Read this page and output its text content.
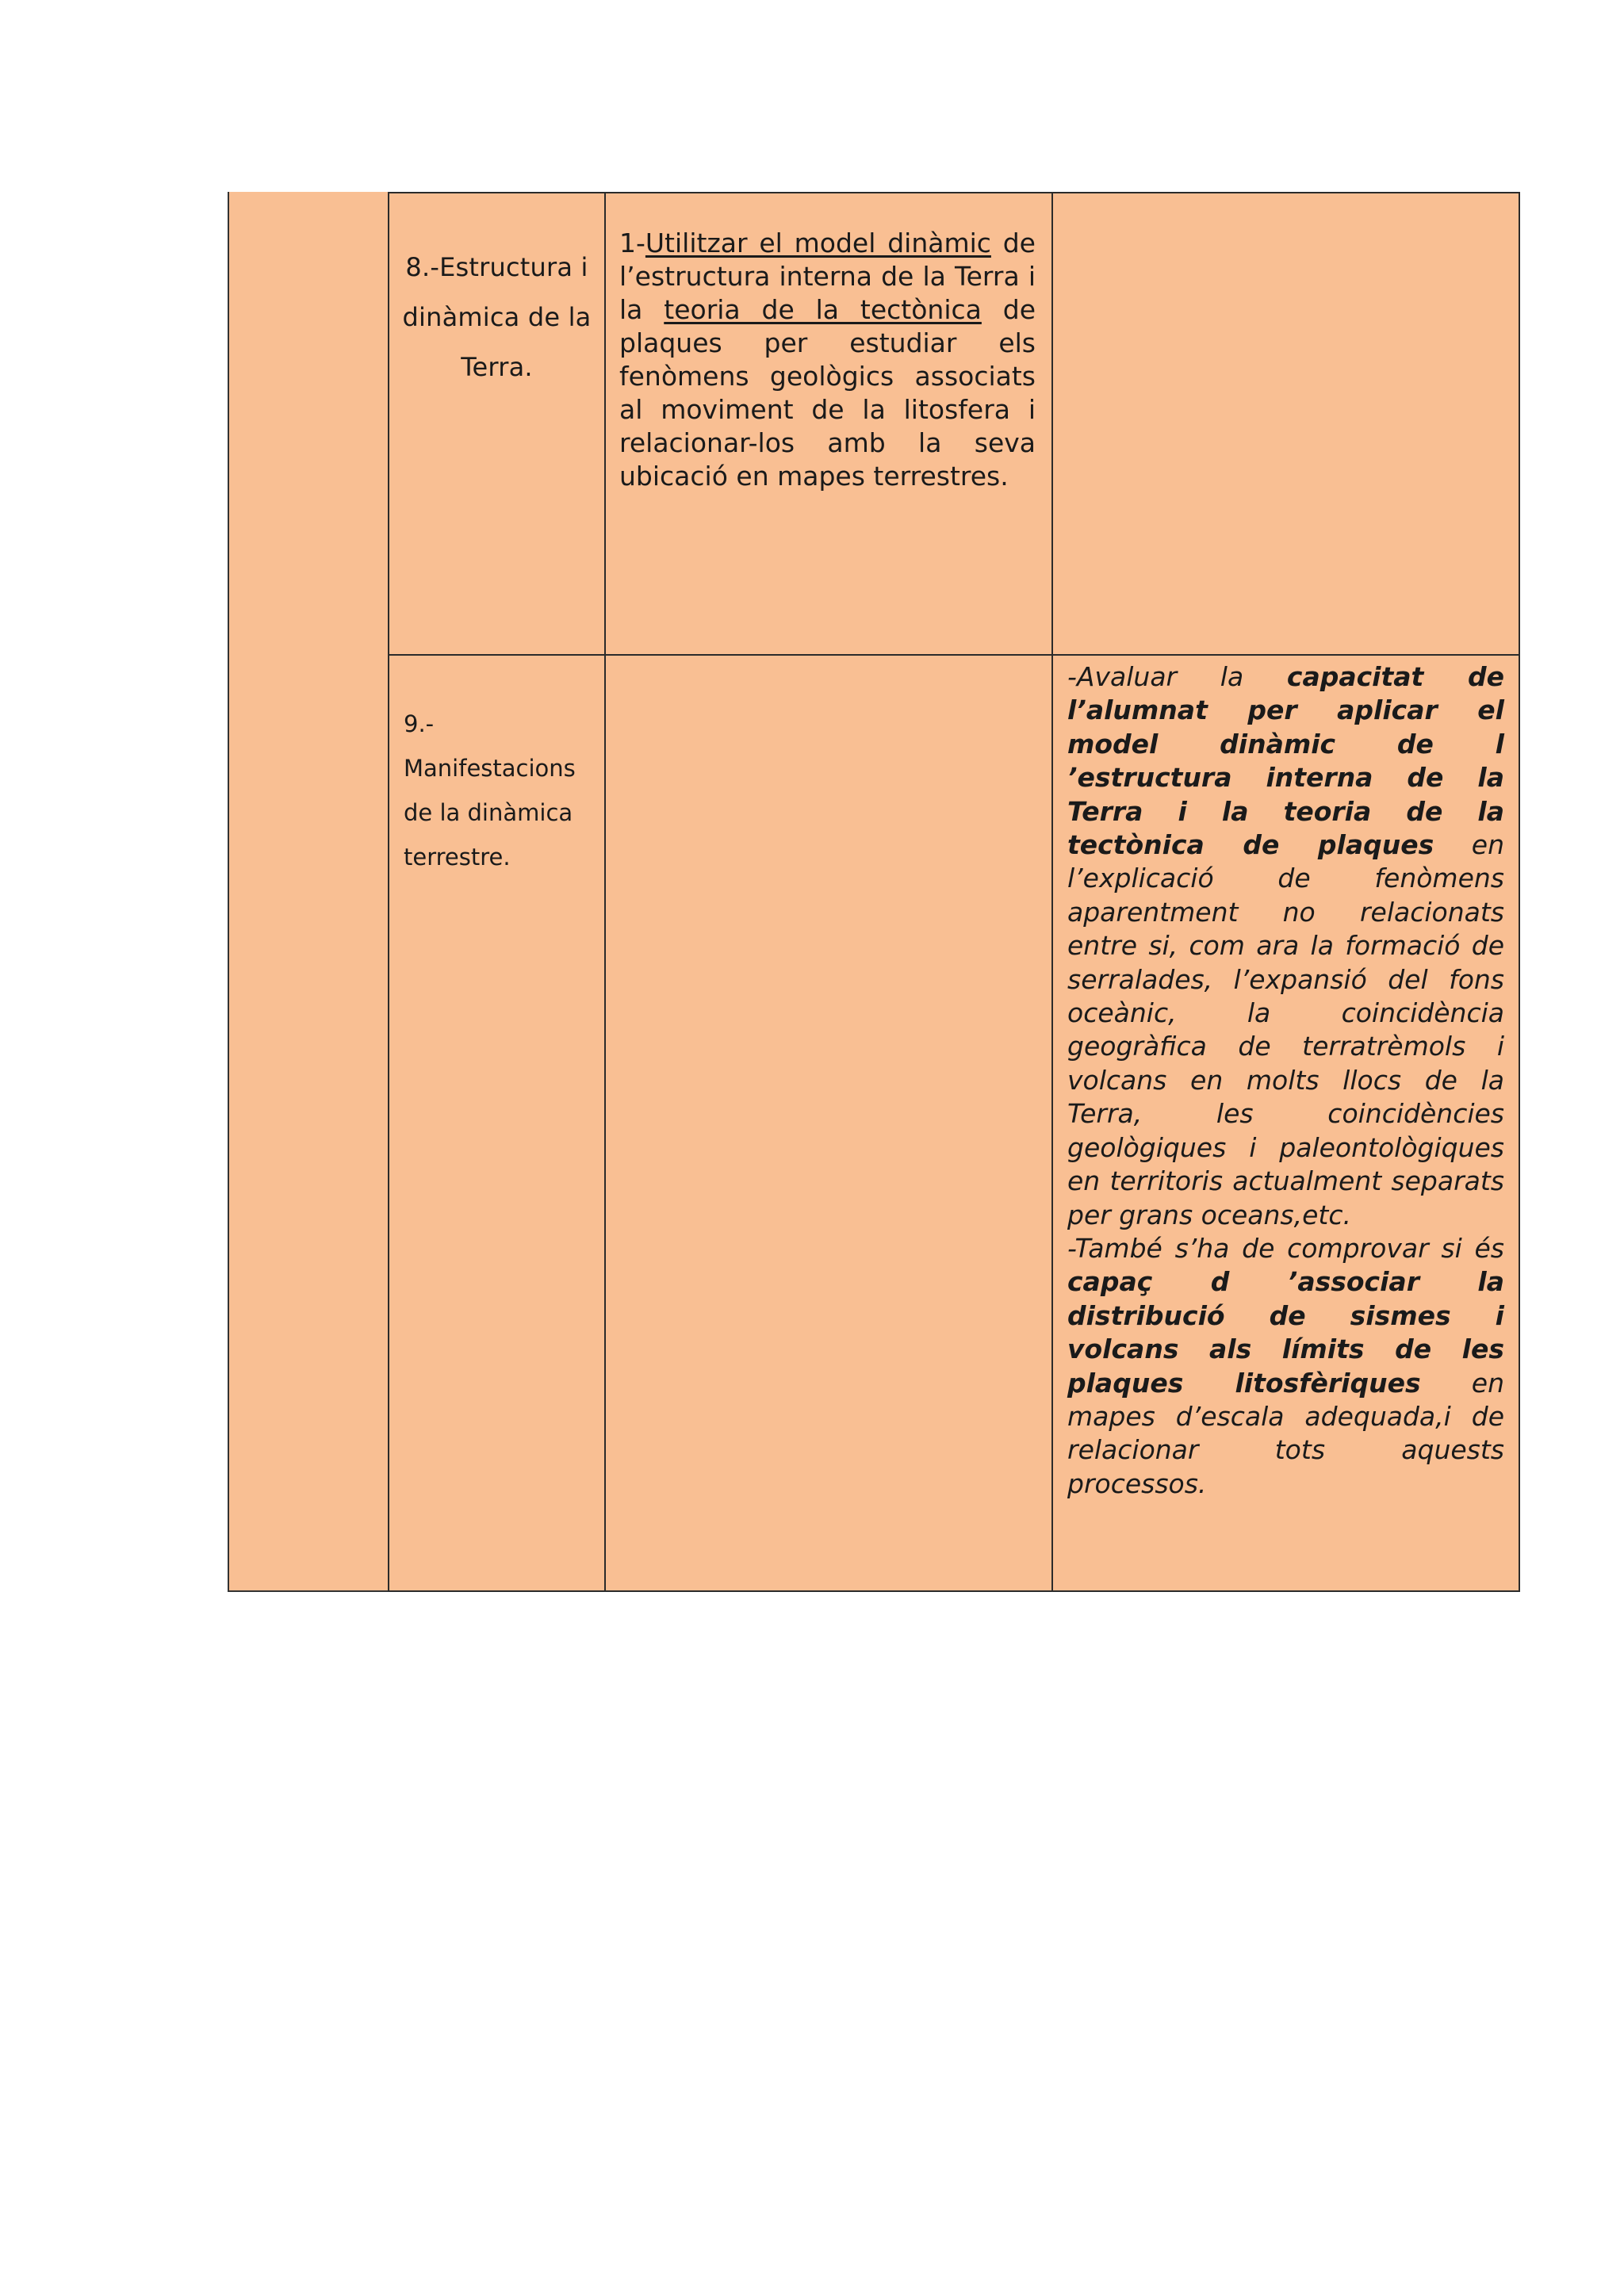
8.-Estructura i dinàmica de la Terra.
1-Utilitzar el model dinàmic de l’estructura interna de la Terra i la teoria de la tectònica de plaques per estudiar els fenòmens geològics associats al moviment de la litosfera i relacionar-los amb la seva ubicació en mapes terrestres.
9.- Manifestacions de la dinàmica terrestre.
-Avaluar la capacitat de l’alumnat per aplicar el model dinàmic de l ’estructura interna de la Terra i la teoria de la tectònica de plaques en l’explicació de fenòmens aparentment no relacionats entre si, com ara la formació de serralades, l’expansió del fons oceànic, la coincidència geogràfica de terratrèmols i volcans en molts llocs de la Terra, les coincidències geològiques i paleontològiques en territoris actualment separats per grans oceans,etc.
-També s’ha de comprovar si és capaç d ’associar la distribució de sismes i volcans als límits de les plaques litosfèriques en mapes d’escala adequada,i de relacionar tots aquests processos.
